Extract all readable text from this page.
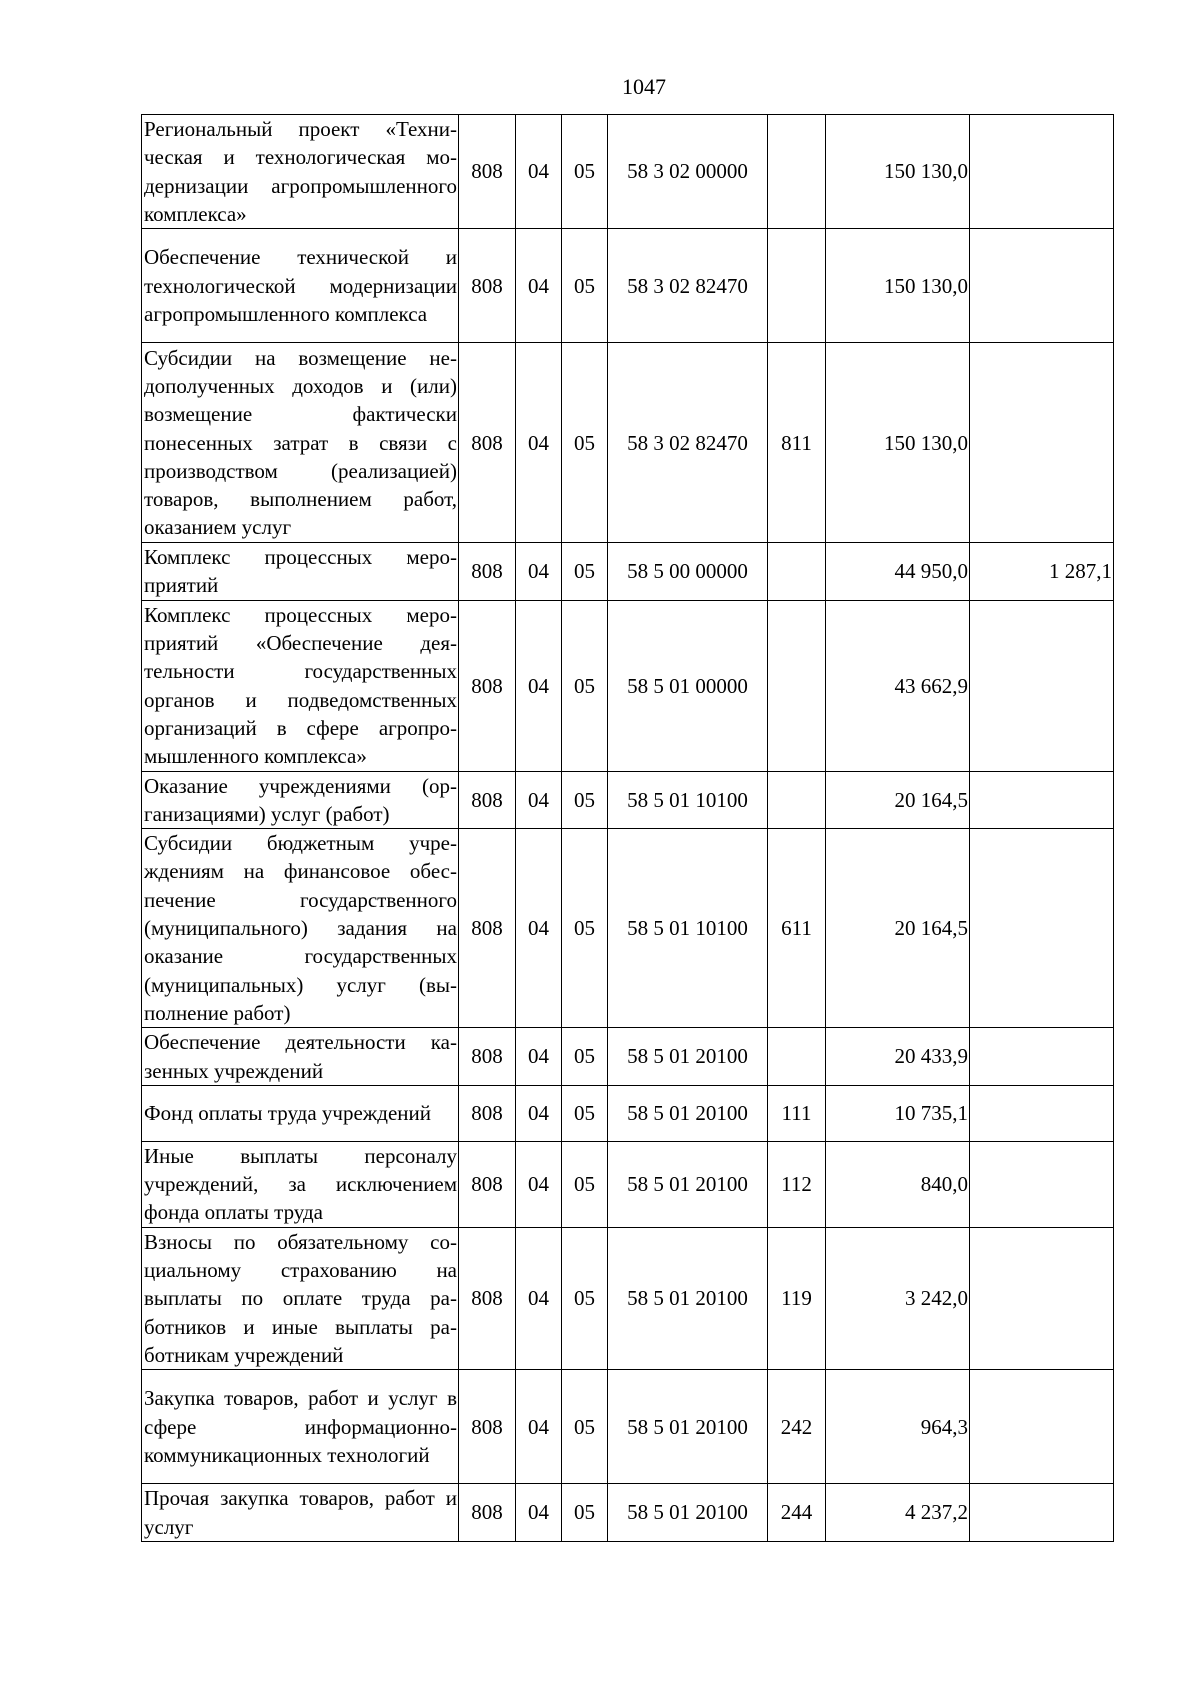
1047
Региональный проект «Техническая и технологическая модернизации агропромышленного комплекса»	808	04	05	58 3 02 00000		150 130,0	
Обеспечение технической и технологической модернизации агропромышленного комплекса	808	04	05	58 3 02 82470		150 130,0	
Субсидии на возмещение недополученных доходов и (или) возмещение фактически понесенных затрат в связи с производством (реализацией) товаров, выполнением работ, оказанием услуг	808	04	05	58 3 02 82470	811	150 130,0	
Комплекс процессных мероприятий	808	04	05	58 5 00 00000		44 950,0	1 287,1
Комплекс процессных мероприятий «Обеспечение деятельности государственных органов и подведомственных организаций в сфере агропромышленного комплекса»	808	04	05	58 5 01 00000		43 662,9	
Оказание учреждениями (организациями) услуг (работ)	808	04	05	58 5 01 10100		20 164,5	
Субсидии бюджетным учреждениям на финансовое обеспечение государственного (муниципального) задания на оказание государственных (муниципальных) услуг (выполнение работ)	808	04	05	58 5 01 10100	611	20 164,5	
Обеспечение деятельности казенных учреждений	808	04	05	58 5 01 20100		20 433,9	
Фонд оплаты труда учреждений	808	04	05	58 5 01 20100	111	10 735,1	
Иные выплаты персоналу учреждений, за исключением фонда оплаты труда	808	04	05	58 5 01 20100	112	840,0	
Взносы по обязательному социальному страхованию на выплаты по оплате труда работников и иные выплаты работникам учреждений	808	04	05	58 5 01 20100	119	3 242,0	
Закупка товаров, работ и услуг в сфере информационно-коммуникационных технологий	808	04	05	58 5 01 20100	242	964,3	
Прочая закупка товаров, работ и услуг	808	04	05	58 5 01 20100	244	4 237,2	
